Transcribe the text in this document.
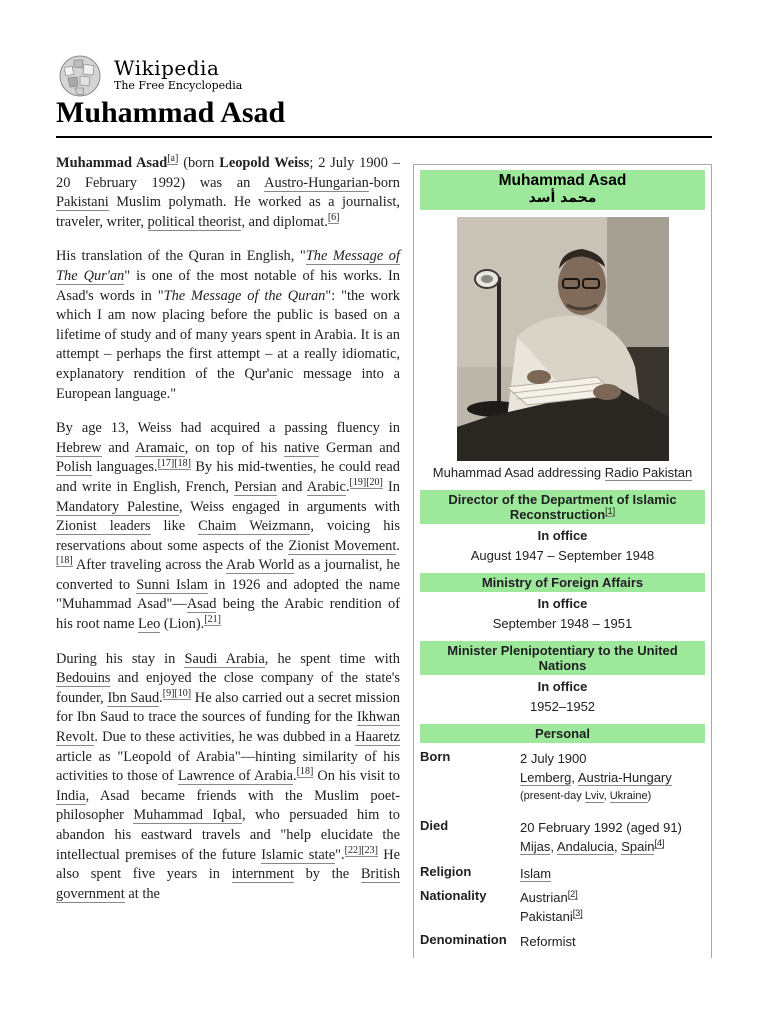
Wikipedia
The Free Encyclopedia
Muhammad Asad

Muhammad Asad[a] (born Leopold Weiss; 2 July 1900 – 20 February 1992) was an Austro-Hungarian-born Pakistani Muslim polymath. He worked as a journalist, traveler, writer, political theorist, and diplomat.[6]

His translation of the Quran in English, "The Message of The Qur'an" is one of the most notable of his works. In Asad's words in "The Message of the Quran": "the work which I am now placing before the public is based on a lifetime of study and of many years spent in Arabia. It is an attempt – perhaps the first attempt – at a really idiomatic, explanatory rendition of the Qur'anic message into a European language."

By age 13, Weiss had acquired a passing fluency in Hebrew and Aramaic, on top of his native German and Polish languages.[17][18] By his mid-twenties, he could read and write in English, French, Persian and Arabic.[19][20] In Mandatory Palestine, Weiss engaged in arguments with Zionist leaders like Chaim Weizmann, voicing his reservations about some aspects of the Zionist Movement.[18] After traveling across the Arab World as a journalist, he converted to Sunni Islam in 1926 and adopted the name "Muhammad Asad"—Asad being the Arabic rendition of his root name Leo (Lion).[21]

During his stay in Saudi Arabia, he spent time with Bedouins and enjoyed the close company of the state's founder, Ibn Saud.[9][10] He also carried out a secret mission for Ibn Saud to trace the sources of funding for the Ikhwan Revolt. Due to these activities, he was dubbed in a Haaretz article as "Leopold of Arabia"—hinting similarity of his activities to those of Lawrence of Arabia.[18] On his visit to India, Asad became friends with the Muslim poet-philosopher Muhammad Iqbal, who persuaded him to abandon his eastward travels and "help elucidate the intellectual premises of the future Islamic state".[22][23] He also spent five years in internment by the British government at the

Muhammad Asad
محمد أسد
Muhammad Asad addressing Radio Pakistan
Director of the Department of Islamic Reconstruction[1]
In office
August 1947 – September 1948
Ministry of Foreign Affairs
In office
September 1948 – 1951
Minister Plenipotentiary to the United Nations
In office
1952–1952
Personal
Born	2 July 1900
Lemberg, Austria-Hungary
(present-day Lviv, Ukraine)
Died	20 February 1992 (aged 91)
Mijas, Andalucia, Spain[4]
Religion	Islam
Nationality	Austrian[2]
Pakistani[3]
Denomination	Reformist
